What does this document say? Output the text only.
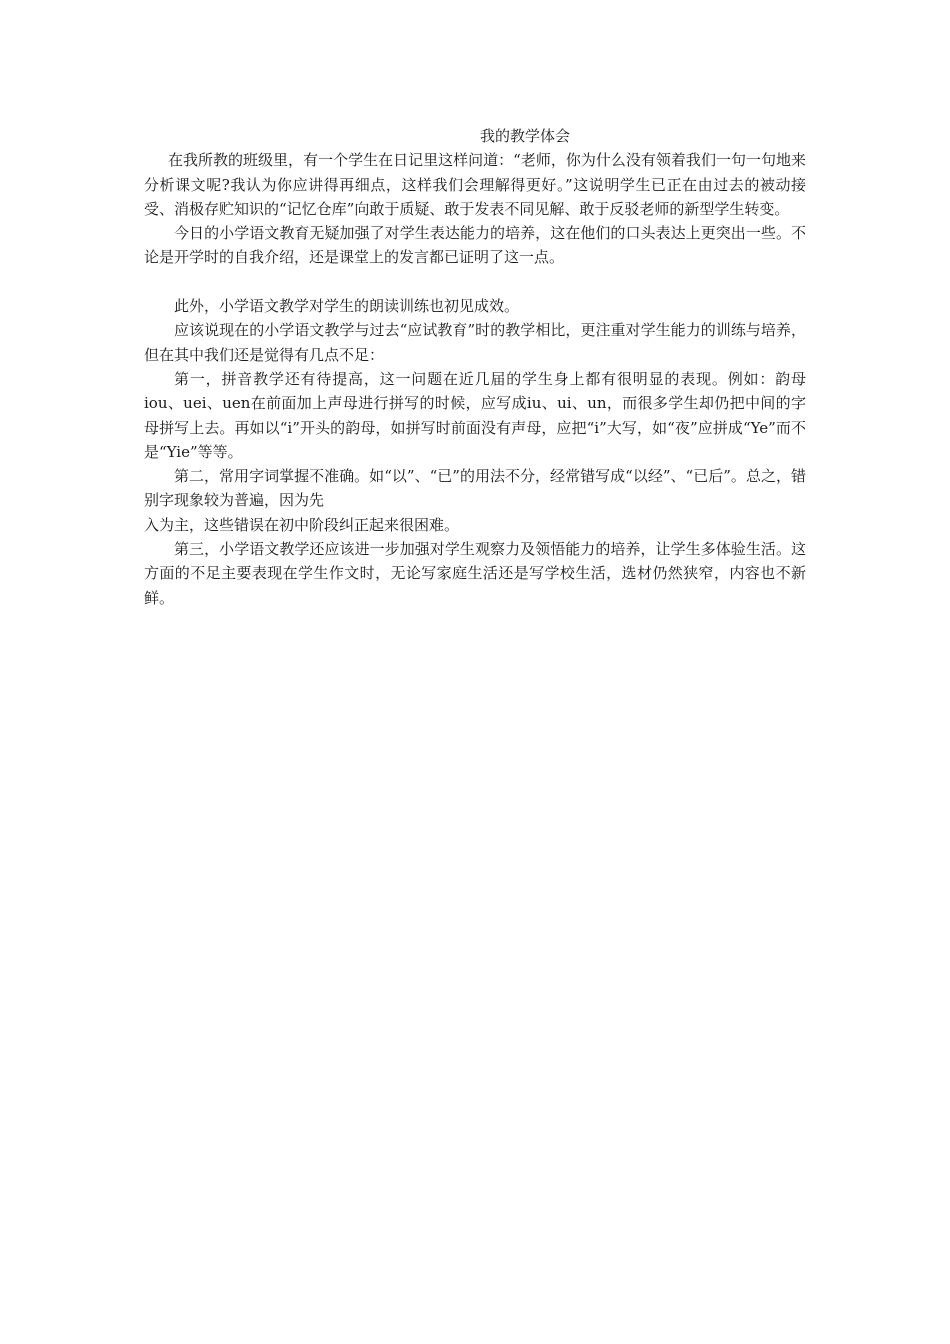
我的教学体会

在我所教的班级里，有一个学生在日记里这样问道：“老师，你为什么没有领着我们一句一句地来分析课文呢?我认为你应讲得再细点，这样我们会理解得更好。”这说明学生已正在由过去的被动接受、消极存贮知识的“记忆仓库”向敢于质疑、敢于发表不同见解、敢于反驳老师的新型学生转变。

今日的小学语文教育无疑加强了对学生表达能力的培养，这在他们的口头表达上更突出一些。不论是开学时的自我介绍，还是课堂上的发言都已证明了这一点。

此外，小学语文教学对学生的朗读训练也初见成效。

应该说现在的小学语文教学与过去“应试教育”时的教学相比，更注重对学生能力的训练与培养，但在其中我们还是觉得有几点不足：

第一，拼音教学还有待提高，这一问题在近几届的学生身上都有很明显的表现。例如：韵母iou、uei、uen在前面加上声母进行拼写的时候，应写成iu、ui、un，而很多学生却仍把中间的字母拼写上去。再如以“i”开头的韵母，如拼写时前面没有声母，应把“i”大写，如“夜”应拼成“Ye”而不是“Yie”等等。

第二，常用字词掌握不准确。如“以”、“已”的用法不分，经常错写成“以经”、“已后”。总之，错别字现象较为普遍，因为先

入为主，这些错误在初中阶段纠正起来很困难。

第三，小学语文教学还应该进一步加强对学生观察力及领悟能力的培养，让学生多体验生活。这方面的不足主要表现在学生作文时，无论写家庭生活还是写学校生活，选材仍然狭窄，内容也不新鲜。
